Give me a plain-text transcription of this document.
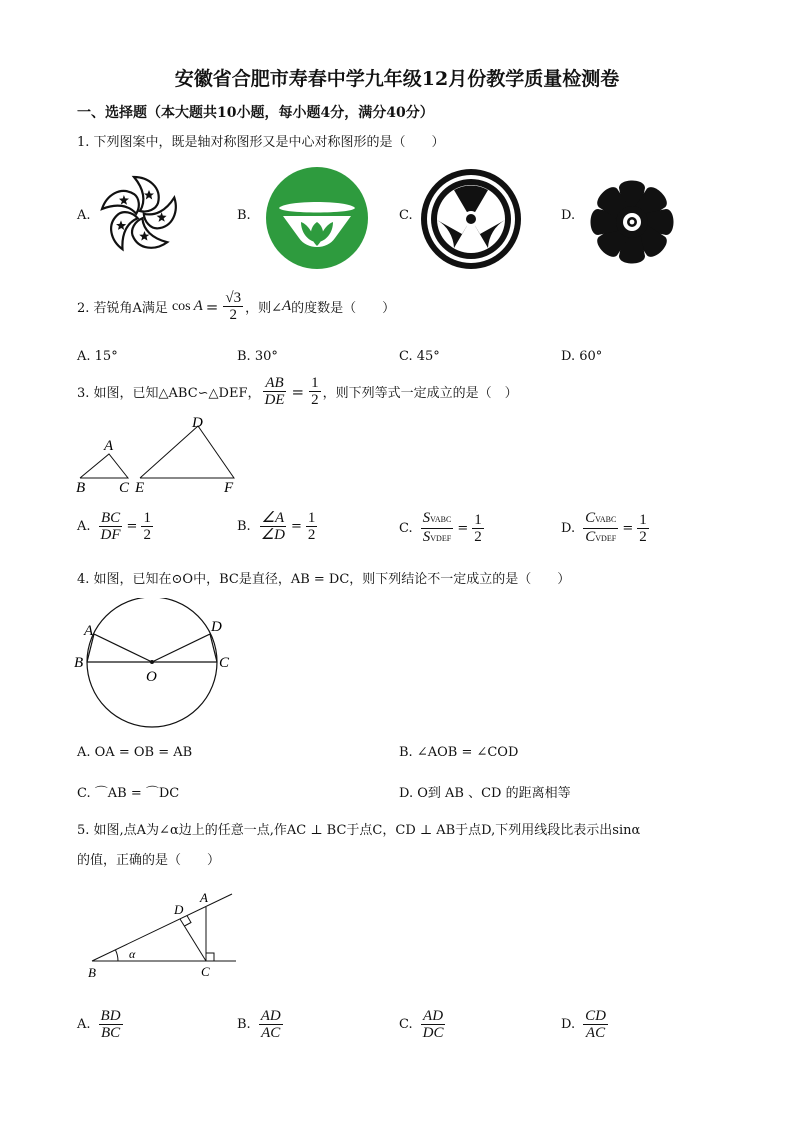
安徽省合肥市寿春中学九年级12月份教学质量检测卷
一、选择题（本大题共10小题，每小题4分，满分40分）
1. 下列图案中，既是轴对称图形又是中心对称图形的是（　　）
A.	B.	C.	D.
2. 若锐角A满足 $\cos A = \frac{√3}{2}$ ，则∠ A 的度数是（　　）
A. 15°	B. 30°	C. 45°	D. 60°
3. 如图，已知△ABC∽△DEF， $\frac{AB}{DE} = \frac{1}{2}$ ，则下列等式一定成立的是（　）
A
B C
D
E	F
A. $\frac{BC}{DF} = \frac{1}{2}$	B. $\frac{\angle A}{\angle D} = \frac{1}{2}$	C. $\frac{\text{SVABC}}{\text{SVDEF}} = \frac{1}{2}$	D. $\frac{\text{CVABC}}{\text{CVDEF}} = \frac{1}{2}$
4. 如图，已知在⊙O中，BC是直径，AB = DC，则下列结论不一定成立的是（　　）
A
B	C
D
O
A. OA = OB = AB	B. ∠AOB = ∠COD
C. ⌒AB = ⌒DC	D. O到 AB 、CD 的距离相等
5. 如图,点A为∠α边上的任意一点,作AC ⊥ BC于点C，CD ⊥ AB于点D,下列用线段比表示出sinα
的值，正确的是（　　）
A
B	C
D
α
A. $\frac{BD}{BC}$	B. $\frac{AD}{AC}$	C. $\frac{AD}{DC}$	D. $\frac{CD}{AC}$
